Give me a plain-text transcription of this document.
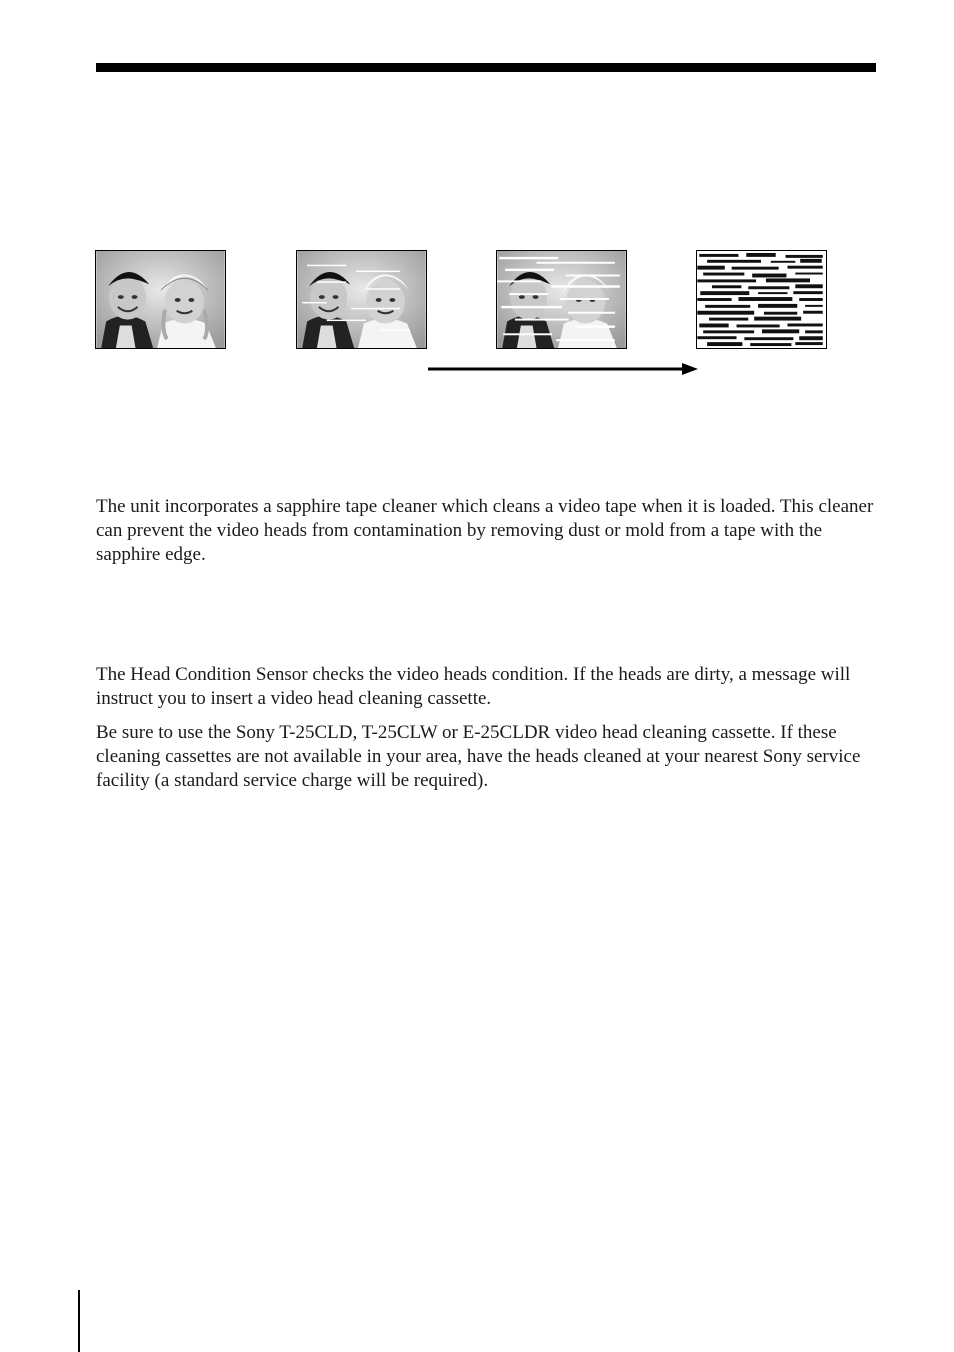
The unit incorporates a sapphire tape cleaner which cleans a video tape when it is loaded. This cleaner can prevent the video heads from contamination by removing dust or mold from a tape with the sapphire edge.

The Head Condition Sensor checks the video heads condition. If the heads are dirty, a message will instruct you to insert a video head cleaning cassette.

Be sure to use the Sony T-25CLD, T-25CLW or E-25CLDR video head cleaning cassette. If these cleaning cassettes are not available in your area, have the heads cleaned at your nearest Sony service facility (a standard service charge will be required).
